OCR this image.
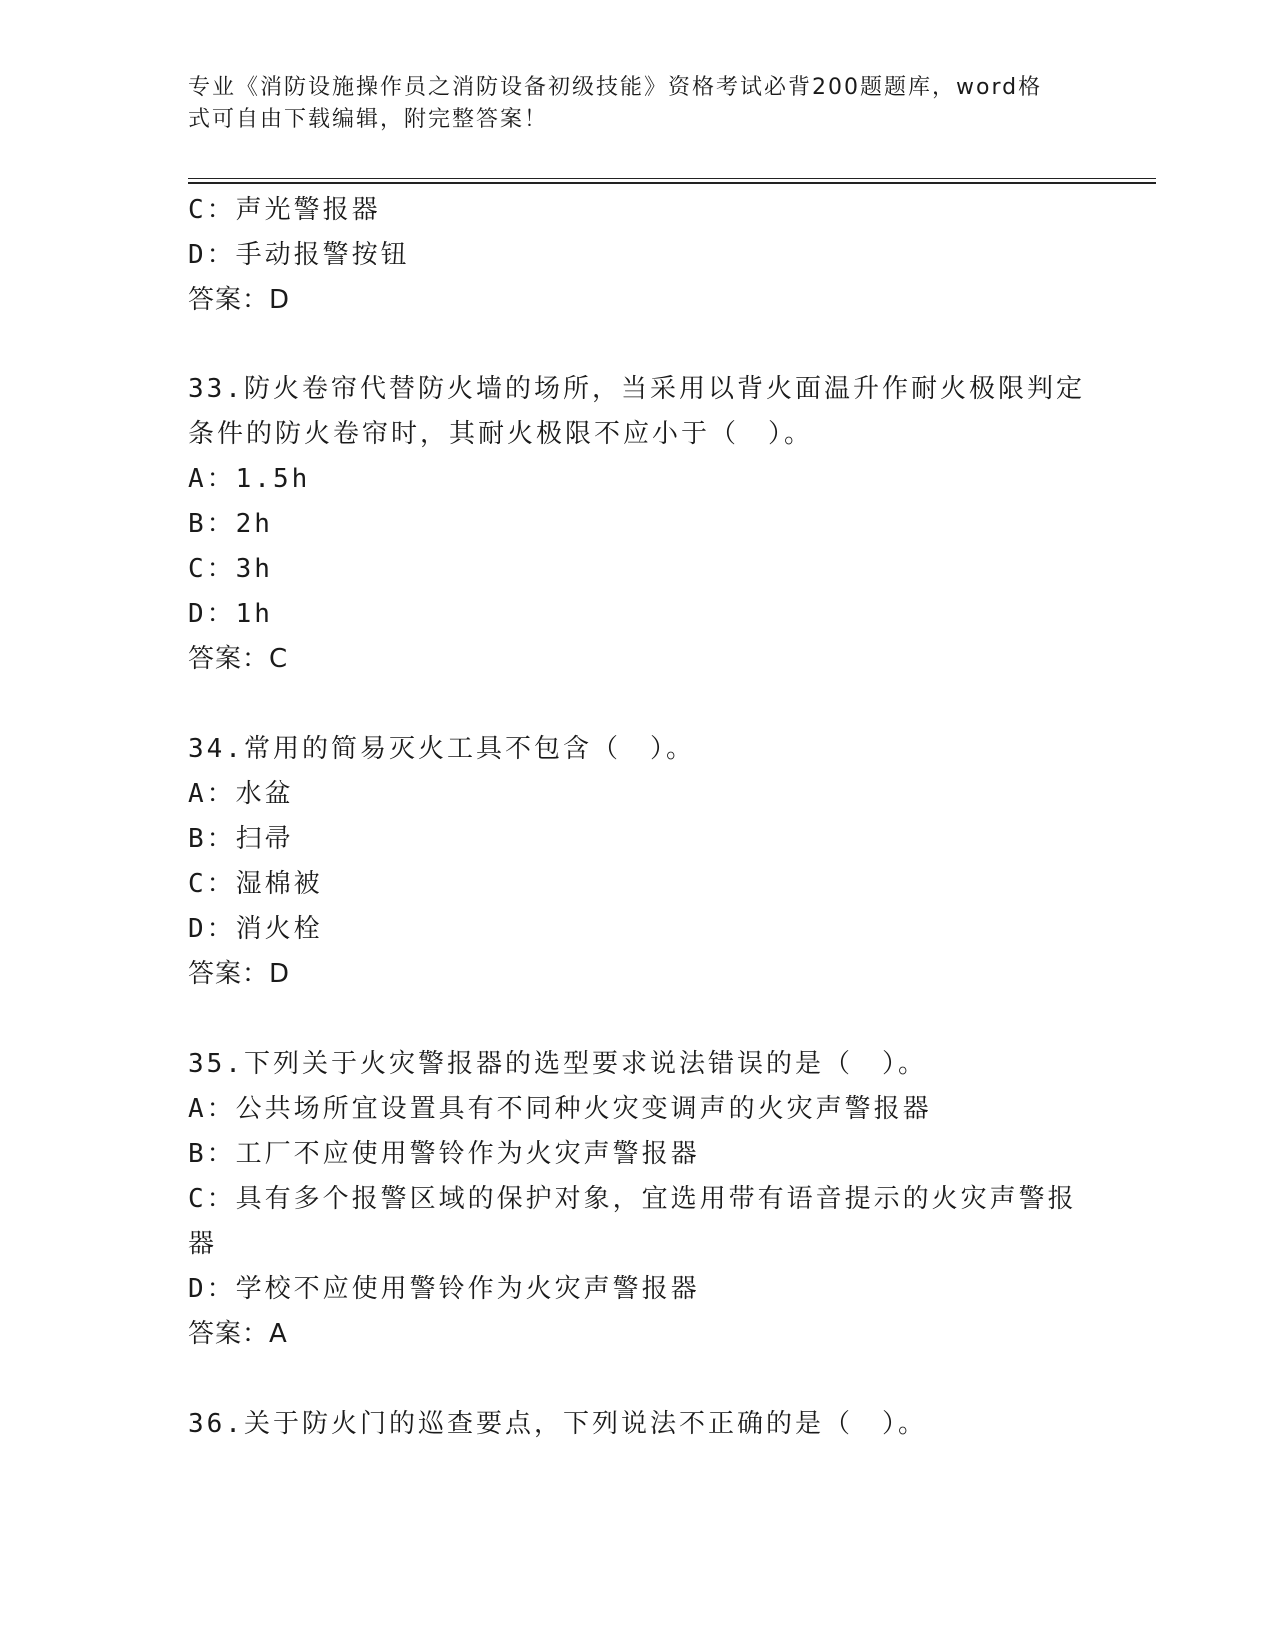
专业《消防设施操作员之消防设备初级技能》资格考试必背200题题库，word格
式可自由下载编辑，附完整答案！
C：声光警报器
D：手动报警按钮
答案：D
33.防火卷帘代替防火墙的场所，当采用以背火面温升作耐火极限判定
条件的防火卷帘时，其耐火极限不应小于（　）。
A：1.5h
B：2h
C：3h
D：1h
答案：C
34.常用的简易灭火工具不包含（　）。
A：水盆
B：扫帚
C：湿棉被
D：消火栓
答案：D
35.下列关于火灾警报器的选型要求说法错误的是（　）。
A：公共场所宜设置具有不同种火灾变调声的火灾声警报器
B：工厂不应使用警铃作为火灾声警报器
C：具有多个报警区域的保护对象，宜选用带有语音提示的火灾声警报
器
D：学校不应使用警铃作为火灾声警报器
答案：A
36.关于防火门的巡查要点，下列说法不正确的是（　）。
